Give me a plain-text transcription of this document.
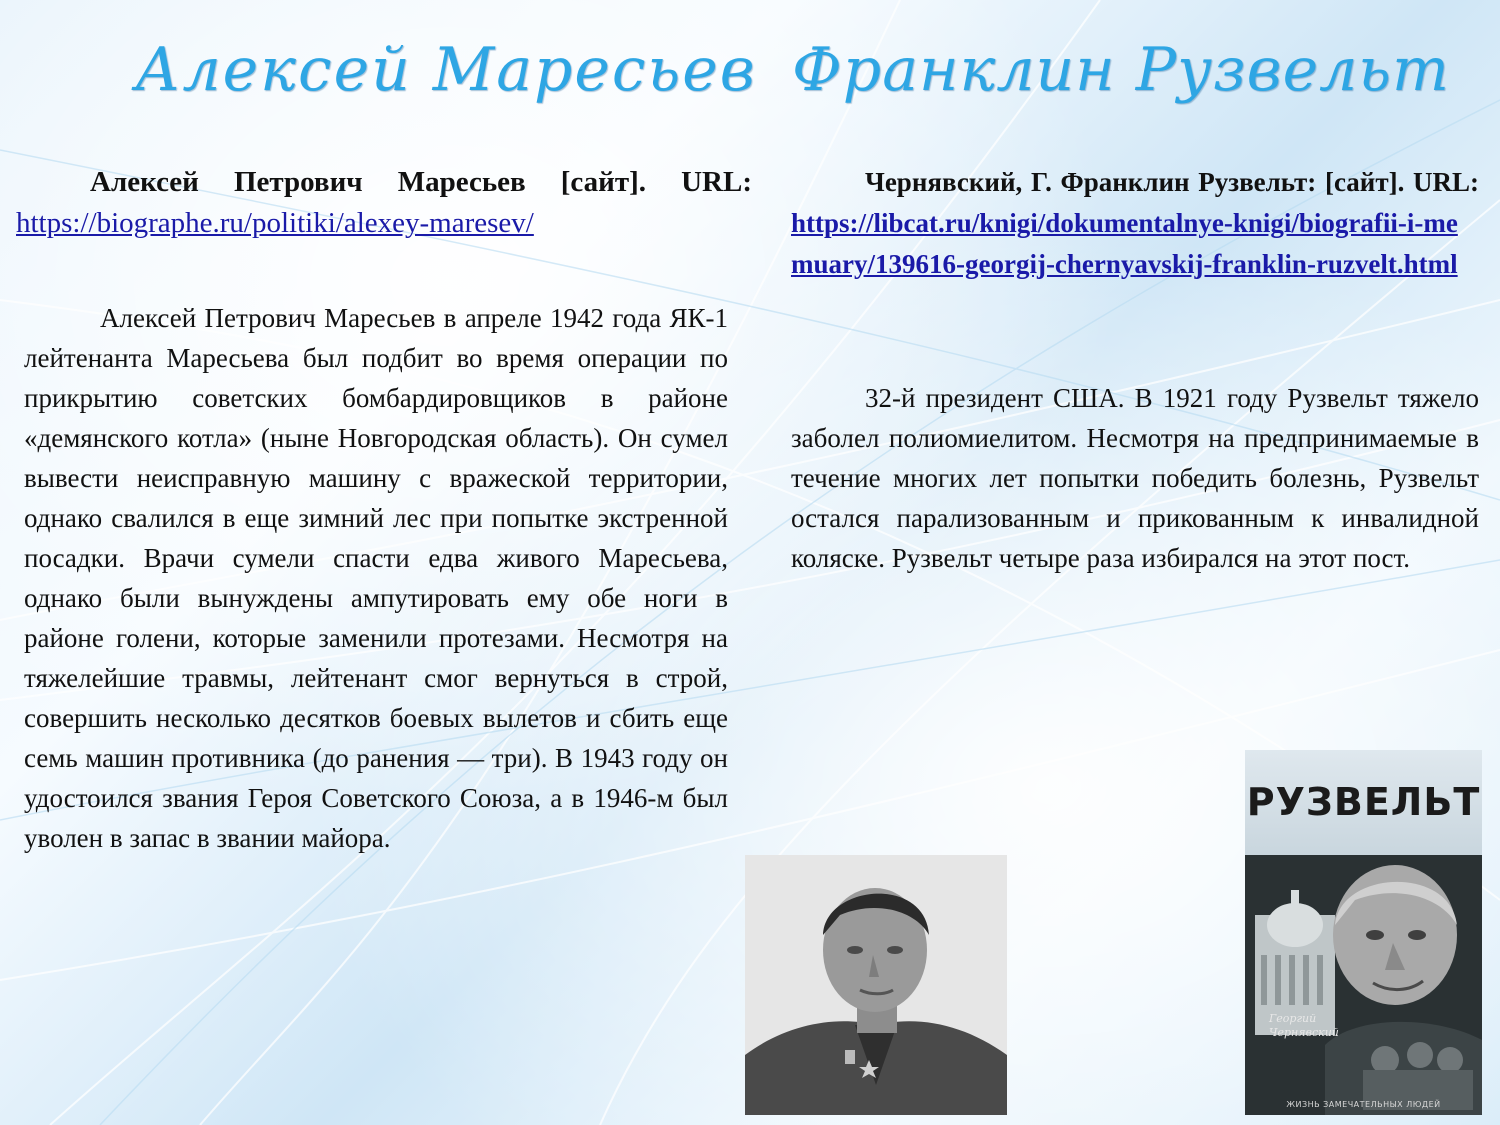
Алексей Маресьев Франклин Рузвельт
Алексей Петрович Маресьев [сайт]. URL: https://biographe.ru/politiki/alexey-maresev/
Чернявский, Г. Франклин Рузвельт: [сайт]. URL: https://libcat.ru/knigi/dokumentalnye-knigi/biografii-i-memuary/139616-georgij-chernyavskij-franklin-ruzvelt.html
Алексей Петрович Маресьев в апреле 1942 года ЯК-1 лейтенанта Маресьева был подбит во время операции по прикрытию советских бомбардировщиков в районе «демянского котла» (ныне Новгородская область). Он сумел вывести неисправную машину с вражеской территории, однако свалился в еще зимний лес при попытке экстренной посадки. Врачи сумели спасти едва живого Маресьева, однако были вынуждены ампутировать ему обе ноги в районе голени, которые заменили протезами. Несмотря на тяжелейшие травмы, лейтенант смог вернуться в строй, совершить несколько десятков боевых вылетов и сбить еще семь машин противника (до ранения — три). В 1943 году он удостоился звания Героя Советского Союза, а в 1946-м был уволен в запас в звании майора.
32-й президент США. В 1921 году Рузвельт тяжело заболел полиомиелитом. Несмотря на предпринимаемые в течение многих лет попытки победить болезнь, Рузвельт остался парализованным и прикованным к инвалидной коляске. Рузвельт четыре раза избирался на этот пост.
РУЗВЕЛЬТ
Георгий Чернявский
ЖИЗНЬ ЗАМЕЧАТЕЛЬНЫХ ЛЮДЕЙ
